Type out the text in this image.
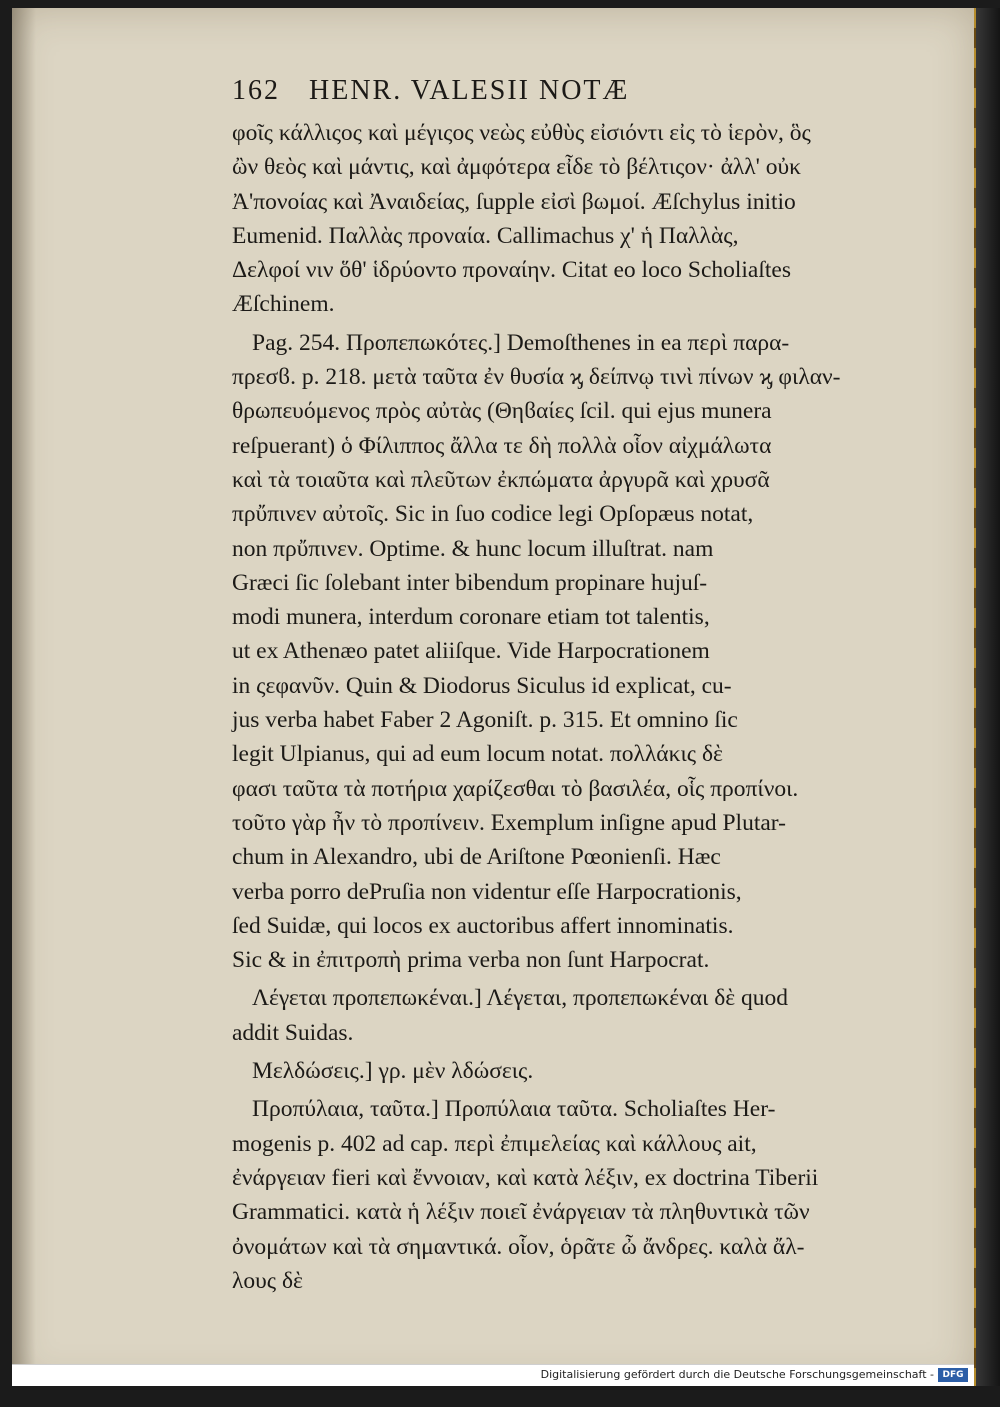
162 HENR. VALESII NOTÆ
φοῖς κάλλιςος καὶ μέγιςος νεὼς εὐθὺς εἰσιόντι εἰς τὸ ἱερὸν, ὃς
ὢν θεὸς καὶ μάντις, καὶ ἀμφότερα εἶδε τὸ βέλτιςον· ἀλλ' οὐκ
Ἀ'πονοίας καὶ Ἀναιδείας, ſupple εἰσὶ βωμοί. Æſchylus initio
Eumenid. Παλλὰς προναία. Callimachus χ' ἡ Παλλὰς,
Δελφοί νιν ὅθ' ἱδρύοντο προναίην. Citat eo loco Scholiaſtes
Æſchinem.
Pag. 254. Προπεπωκότες.] Demoſthenes in ea περὶ παρα-
πρεσϐ. p. 218. μετὰ ταῦτα ἐν θυσία ϗ δείπνῳ τινὶ πίνων ϗ φιλαν-
θρωπευόμενος πρὸς αὐτὰς (Θηϐαίες ſcil. qui ejus munera
reſpuerant) ὁ Φίλιππος ἄλλα τε δὴ πολλὰ οἷον αἰχμάλωτα
καὶ τὰ τοιαῦτα καὶ πλεῦτων ἐκπώματα ἀργυρᾶ καὶ χρυσᾶ
πρὔπινεν αὐτοῖς. Sic in ſuo codice legi Opſopæus notat,
non πρὔπινεν. Optime. & hunc locum illuſtrat. nam
Græci ſic ſolebant inter bibendum propinare hujuſ-
modi munera, interdum coronare etiam tot talentis,
ut ex Athenæo patet aliiſque. Vide Harpocrationem
in ςεφανῦν. Quin & Diodorus Siculus id explicat, cu-
jus verba habet Faber 2 Agoniſt. p. 315. Et omnino ſic
legit Ulpianus, qui ad eum locum notat. πολλάκις δὲ
φασι ταῦτα τὰ ποτήρια χαρίζεσθαι τὸ βασιλέα, οἷς προπίνοι.
τοῦτο γὰρ ἦν τὸ προπίνειν. Exemplum inſigne apud Plutar-
chum in Alexandro, ubi de Ariſtone Pœonienſi. Hæc
verba porro dePruſia non videntur eſſe Harpocrationis,
ſed Suidæ, qui locos ex auctoribus affert innominatis.
Sic & in ἐπιτροπὴ prima verba non ſunt Harpocrat.
Λέγεται προπεπωκέναι.] Λέγεται, προπεπωκέναι δὲ quod
addit Suidas.
Μελδώσεις.] γρ. μὲν λδώσεις.
Προπύλαια, ταῦτα.] Προπύλαια ταῦτα. Scholiaſtes Her-
mogenis p. 402 ad cap. περὶ ἐπιμελείας καὶ κάλλους ait,
ἐνάργειαν fieri καὶ ἔννοιαν, καὶ κατὰ λέξιν, ex doctrina Tiberii
Grammatici. κατὰ ἡ λέξιν ποιεῖ ἐνάργειαν τὰ πληθυντικὰ τῶν
ὀνομάτων καὶ τὰ σημαντικά. οἷον, ὁρᾶτε ὦ ἄνδρες. καλὰ ἄλ-
λους δὲ
Digitalisierung gefördert durch die Deutsche Forschungsgemeinschaft - DFG
